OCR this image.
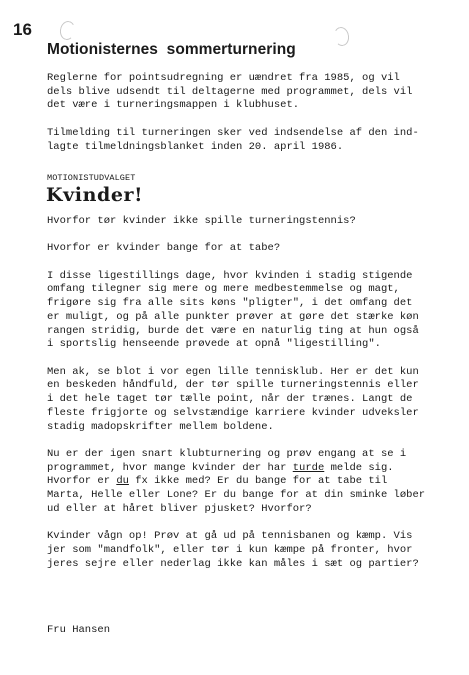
16
Motionisternes  sommerturnering

Reglerne for pointsudregning er uændret fra 1985, og vil
dels blive udsendt til deltagerne med programmet, dels vil
det være i turneringsmappen i klubhuset.

Tilmelding til turneringen sker ved indsendelse af den ind-
lagte tilmeldningsblanket inden 20. april 1986.

MOTIONISTUDVALGET
Kvinder!

Hvorfor tør kvinder ikke spille turneringstennis?

Hvorfor er kvinder bange for at tabe?

I disse ligestillings dage, hvor kvinden i stadig stigende
omfang tilegner sig mere og mere medbestemmelse og magt,
frigøre sig fra alle sits køns "pligter", i det omfang det
er muligt, og på alle punkter prøver at gøre det stærke køn
rangen stridig, burde det være en naturlig ting at hun også
i sportslig henseende prøvede at opnå "ligestilling".

Men ak, se blot i vor egen lille tennisklub. Her er det kun
en beskeden håndfuld, der tør spille turneringstennis eller
i det hele taget tør tælle point, når der trænes. Langt de
fleste frigjorte og selvstændige karriere kvinder udveksler
stadig madopskrifter mellem boldene.

Nu er der igen snart klubturnering og prøv engang at se i
programmet, hvor mange kvinder der har turde melde sig.
Hvorfor er du fx ikke med? Er du bange for at tabe til
Marta, Helle eller Lone? Er du bange for at din sminke løber
ud eller at håret bliver pjusket? Hvorfor?

Kvinder vågn op! Prøv at gå ud på tennisbanen og kæmp. Vis
jer som "mandfolk", eller tør i kun kæmpe på fronter, hvor
jeres sejre eller nederlag ikke kan måles i sæt og partier?

Fru Hansen
